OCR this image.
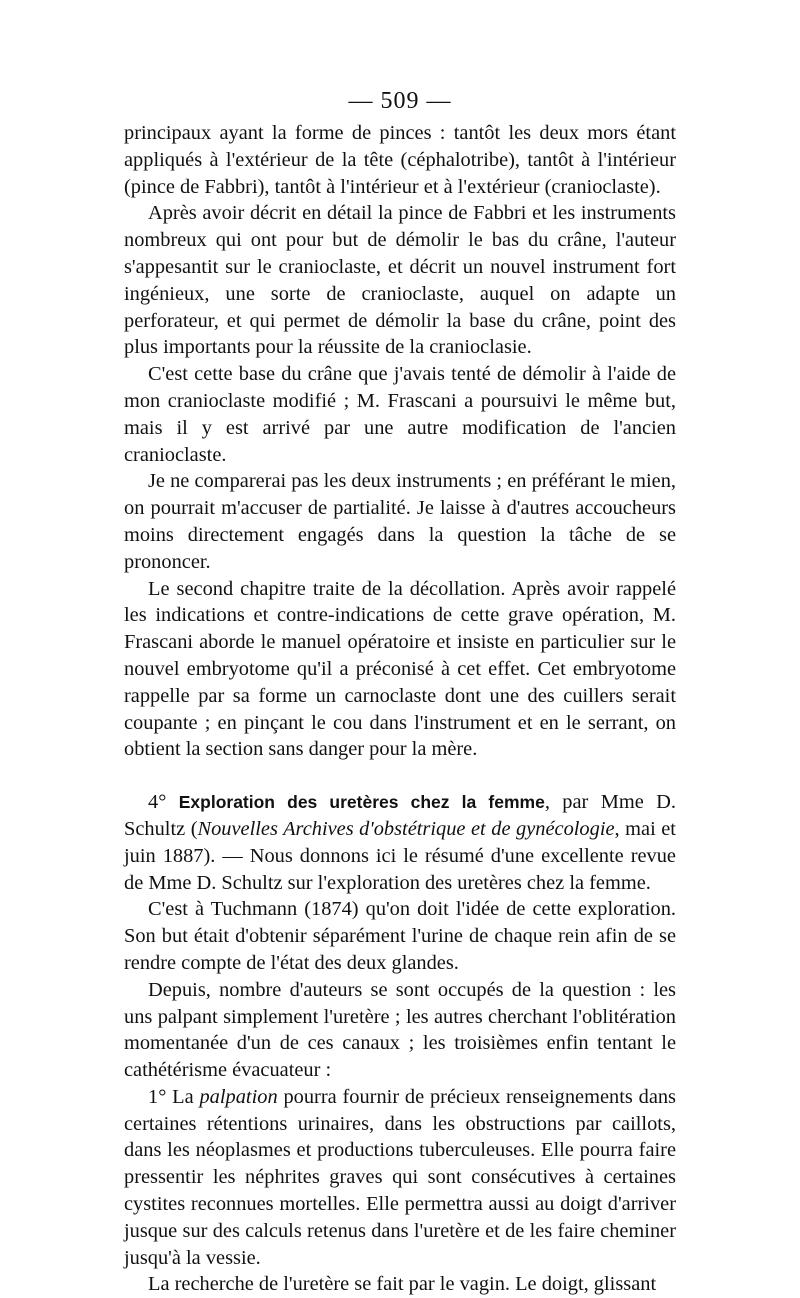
— 509 —

principaux ayant la forme de pinces : tantôt les deux mors étant appliqués à l'extérieur de la tête (céphalotribe), tantôt à l'intérieur (pince de Fabbri), tantôt à l'intérieur et à l'extérieur (cranioclaste).

Après avoir décrit en détail la pince de Fabbri et les instruments nombreux qui ont pour but de démolir le bas du crâne, l'auteur s'appesantit sur le cranioclaste, et décrit un nouvel instrument fort ingénieux, une sorte de cranioclaste, auquel on adapte un perforateur, et qui permet de démolir la base du crâne, point des plus importants pour la réussite de la cranioclasie.

C'est cette base du crâne que j'avais tenté de démolir à l'aide de mon cranioclaste modifié ; M. Frascani a poursuivi le même but, mais il y est arrivé par une autre modification de l'ancien cranioclaste.

Je ne comparerai pas les deux instruments ; en préférant le mien, on pourrait m'accuser de partialité. Je laisse à d'autres accoucheurs moins directement engagés dans la question la tâche de se prononcer.

Le second chapitre traite de la décollation. Après avoir rappelé les indications et contre-indications de cette grave opération, M. Frascani aborde le manuel opératoire et insiste en particulier sur le nouvel embryotome qu'il a préconisé à cet effet. Cet embryotome rappelle par sa forme un carnoclaste dont une des cuillers serait coupante ; en pinçant le cou dans l'instrument et en le serrant, on obtient la section sans danger pour la mère.

4° Exploration des uretères chez la femme, par Mme D. Schultz (Nouvelles Archives d'obstétrique et de gynécologie, mai et juin 1887). — Nous donnons ici le résumé d'une excellente revue de Mme D. Schultz sur l'exploration des uretères chez la femme.

C'est à Tuchmann (1874) qu'on doit l'idée de cette exploration. Son but était d'obtenir séparément l'urine de chaque rein afin de se rendre compte de l'état des deux glandes.

Depuis, nombre d'auteurs se sont occupés de la question : les uns palpant simplement l'uretère ; les autres cherchant l'oblitération momentanée d'un de ces canaux ; les troisièmes enfin tentant le cathétérisme évacuateur :

1° La palpation pourra fournir de précieux renseignements dans certaines rétentions urinaires, dans les obstructions par caillots, dans les néoplasmes et productions tuberculeuses. Elle pourra faire pressentir les néphrites graves qui sont consécutives à certaines cystites reconnues mortelles. Elle permettra aussi au doigt d'arriver jusque sur des calculs retenus dans l'uretère et de les faire cheminer jusqu'à la vessie.

La recherche de l'uretère se fait par le vagin. Le doigt, glissant
